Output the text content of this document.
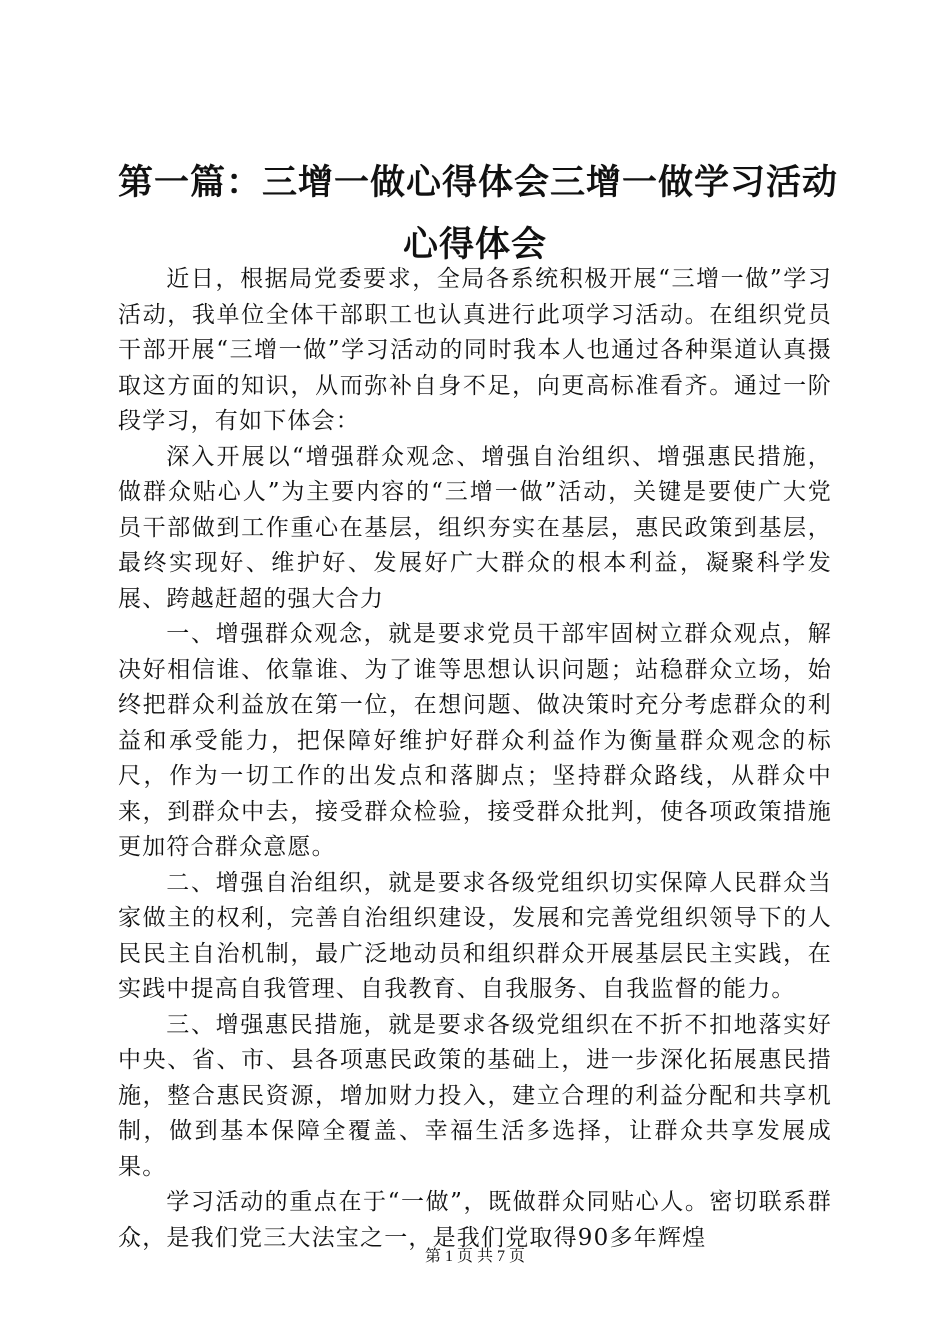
第一篇：三增一做心得体会三增一做学习活动
心得体会

近日，根据局党委要求，全局各系统积极开展“三增一做”学习活动，我单位全体干部职工也认真进行此项学习活动。在组织党员干部开展“三增一做”学习活动的同时我本人也通过各种渠道认真摄取这方面的知识，从而弥补自身不足，向更高标准看齐。通过一阶段学习，有如下体会：

深入开展以“增强群众观念、增强自治组织、增强惠民措施，做群众贴心人”为主要内容的“三增一做”活动，关键是要使广大党员干部做到工作重心在基层，组织夯实在基层，惠民政策到基层，最终实现好、维护好、发展好广大群众的根本利益，凝聚科学发展、跨越赶超的强大合力

一、增强群众观念，就是要求党员干部牢固树立群众观点，解决好相信谁、依靠谁、为了谁等思想认识问题；站稳群众立场，始终把群众利益放在第一位，在想问题、做决策时充分考虑群众的利益和承受能力，把保障好维护好群众利益作为衡量群众观念的标尺，作为一切工作的出发点和落脚点；坚持群众路线，从群众中来，到群众中去，接受群众检验，接受群众批判，使各项政策措施更加符合群众意愿。

二、增强自治组织，就是要求各级党组织切实保障人民群众当家做主的权利，完善自治组织建设，发展和完善党组织领导下的人民民主自治机制，最广泛地动员和组织群众开展基层民主实践，在实践中提高自我管理、自我教育、自我服务、自我监督的能力。

三、增强惠民措施，就是要求各级党组织在不折不扣地落实好中央、省、市、县各项惠民政策的基础上，进一步深化拓展惠民措施，整合惠民资源，增加财力投入，建立合理的利益分配和共享机制，做到基本保障全覆盖、幸福生活多选择，让群众共享发展成果。

学习活动的重点在于“一做”，既做群众同贴心人。密切联系群众，是我们党三大法宝之一，是我们党取得90多年辉煌

第 1 页 共 7 页
